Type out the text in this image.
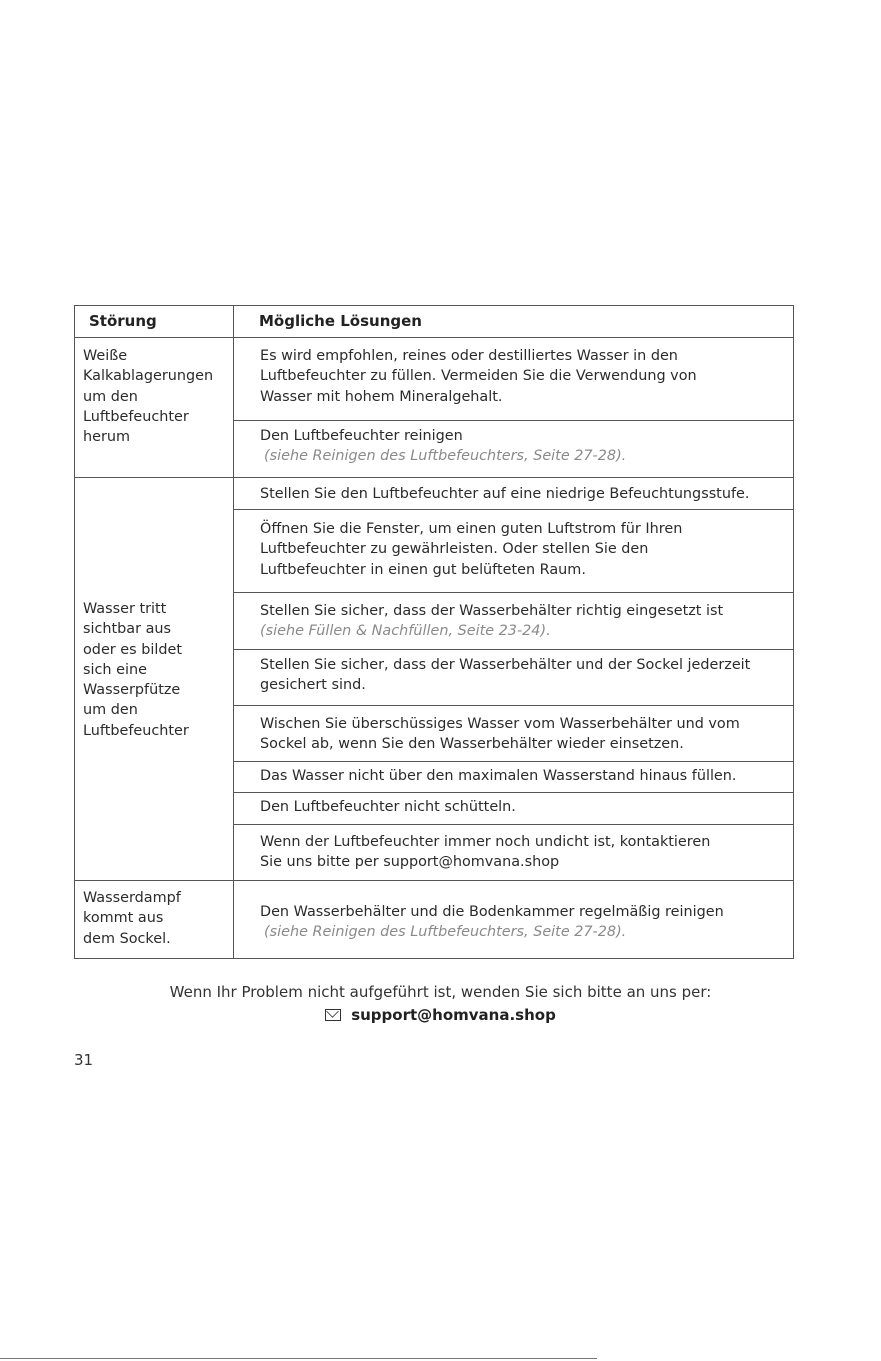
Störung	Mögliche Lösungen
Weiße
Kalkablagerungen
um den
Luftbefeuchter
herum
Es wird empfohlen, reines oder destilliertes Wasser in den
Luftbefeuchter zu füllen. Vermeiden Sie die Verwendung von
Wasser mit hohem Mineralgehalt.
Den Luftbefeuchter reinigen
(siehe Reinigen des Luftbefeuchters, Seite 27-28).
Wasser tritt
sichtbar aus
oder es bildet
sich eine
Wasserpfütze
um den
Luftbefeuchter
Stellen Sie den Luftbefeuchter auf eine niedrige Befeuchtungsstufe.
Öffnen Sie die Fenster, um einen guten Luftstrom für Ihren
Luftbefeuchter zu gewährleisten. Oder stellen Sie den
Luftbefeuchter in einen gut belüfteten Raum.
Stellen Sie sicher, dass der Wasserbehälter richtig eingesetzt ist
(siehe Füllen & Nachfüllen, Seite 23-24).
Stellen Sie sicher, dass der Wasserbehälter und der Sockel jederzeit
gesichert sind.
Wischen Sie überschüssiges Wasser vom Wasserbehälter und vom
Sockel ab, wenn Sie den Wasserbehälter wieder einsetzen.
Das Wasser nicht über den maximalen Wasserstand hinaus füllen.
Den Luftbefeuchter nicht schütteln.
Wenn der Luftbefeuchter immer noch undicht ist, kontaktieren
Sie uns bitte per support@homvana.shop
Wasserdampf
kommt aus
dem Sockel.
Den Wasserbehälter und die Bodenkammer regelmäßig reinigen
(siehe Reinigen des Luftbefeuchters, Seite 27-28).
Wenn Ihr Problem nicht aufgeführt ist, wenden Sie sich bitte an uns per:
support@homvana.shop
31
